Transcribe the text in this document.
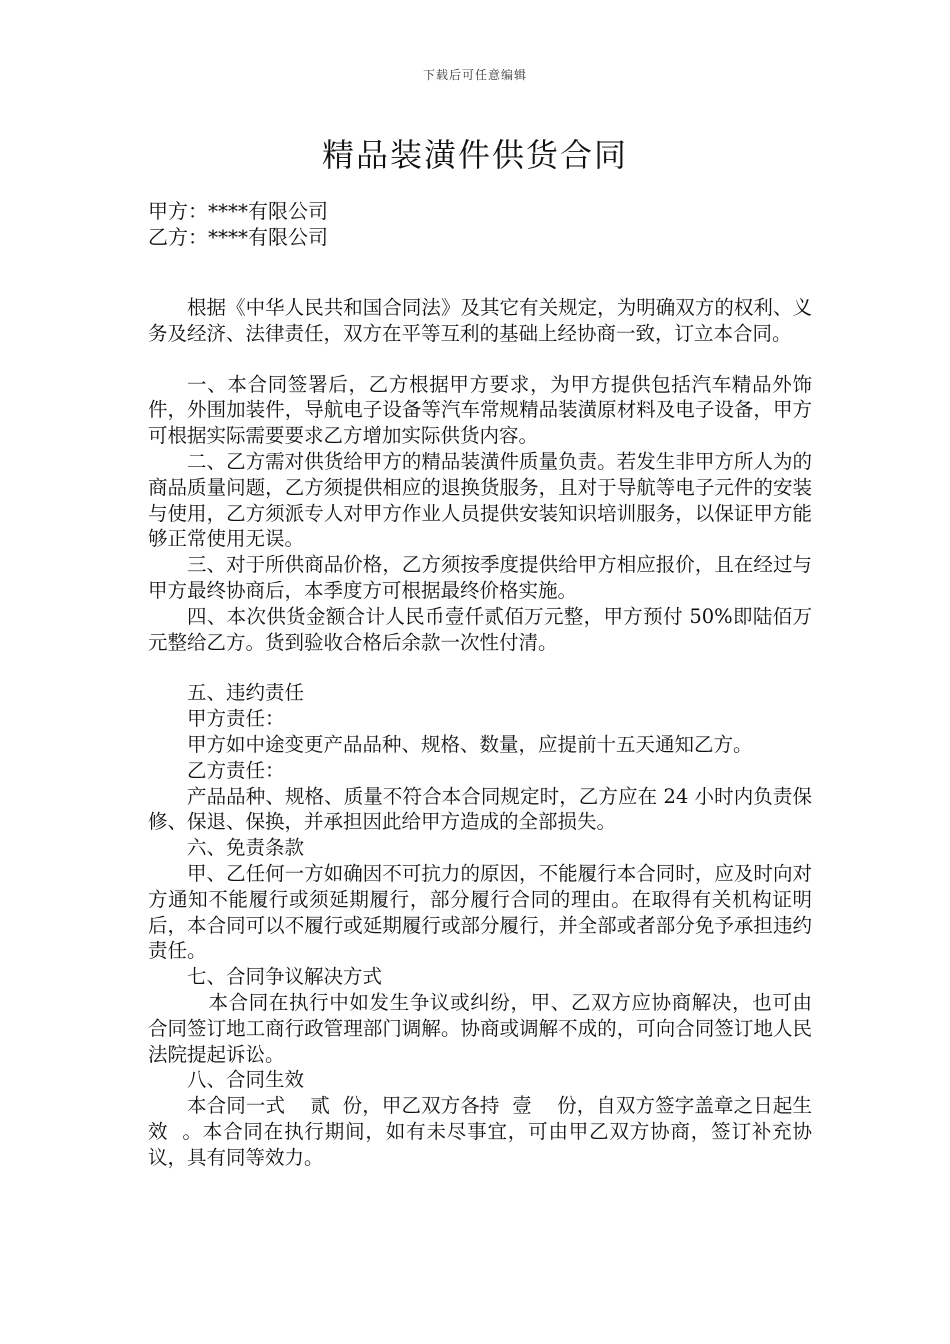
下载后可任意编辑
精品装潢件供货合同
甲方：****有限公司
乙方：****有限公司

根据《中华人民共和国合同法》及其它有关规定，为明确双方的权利、义务及经济、法律责任，双方在平等互利的基础上经协商一致，订立本合同。

一、本合同签署后，乙方根据甲方要求，为甲方提供包括汽车精品外饰件，外围加装件，导航电子设备等汽车常规精品装潢原材料及电子设备，甲方可根据实际需要要求乙方增加实际供货内容。

二、乙方需对供货给甲方的精品装潢件质量负责。若发生非甲方所人为的商品质量问题，乙方须提供相应的退换货服务，且对于导航等电子元件的安装与使用，乙方须派专人对甲方作业人员提供安装知识培训服务，以保证甲方能够正常使用无误。

三、对于所供商品价格，乙方须按季度提供给甲方相应报价，且在经过与甲方最终协商后，本季度方可根据最终价格实施。

四、本次供货金额合计人民币壹仟贰佰万元整，甲方预付 50%即陆佰万元整给乙方。货到验收合格后余款一次性付清。

五、违约责任

甲方责任：

甲方如中途变更产品品种、规格、数量，应提前十五天通知乙方。

乙方责任：

产品品种、规格、质量不符合本合同规定时，乙方应在 24 小时内负责保修、保退、保换，并承担因此给甲方造成的全部损失。

六、免责条款

甲、乙任何一方如确因不可抗力的原因，不能履行本合同时，应及时向对方通知不能履行或须延期履行，部分履行合同的理由。在取得有关机构证明后，本合同可以不履行或延期履行或部分履行，并全部或者部分免予承担违约责任。

七、合同争议解决方式

本合同在执行中如发生争议或纠纷，甲、乙双方应协商解决，也可由合同签订地工商行政管理部门调解。协商或调解不成的，可向合同签订地人民法院提起诉讼。

八、合同生效

本合同一式    贰  份，甲乙双方各持  壹    份，自双方签字盖章之日起生效  。本合同在执行期间，如有未尽事宜，可由甲乙双方协商，签订补充协议，具有同等效力。
